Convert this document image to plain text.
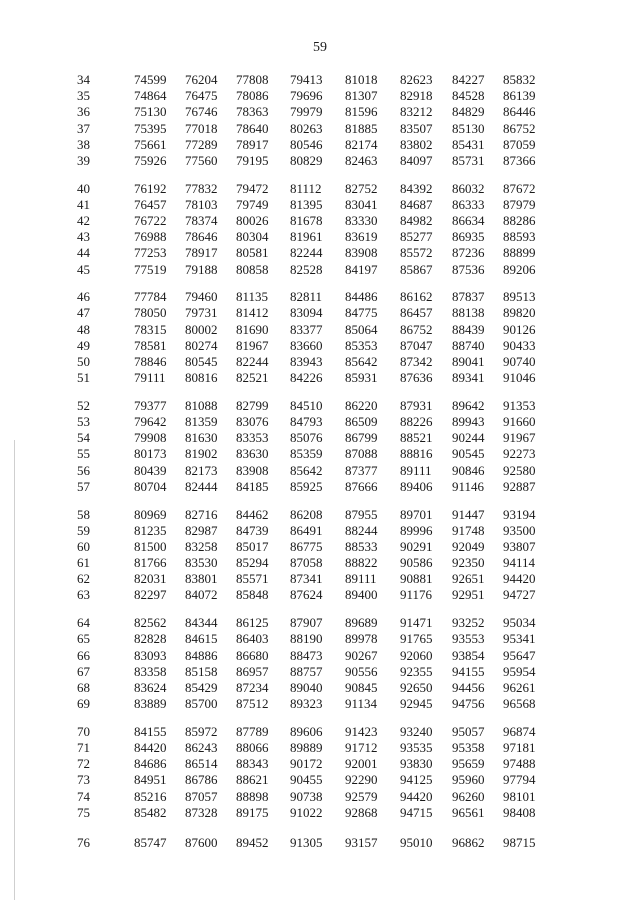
59
34	74599 76204 77808 79413 81018 82623 84227 85832
35	74864 76475 78086 79696 81307 82918 84528 86139
36	75130 76746 78363 79979 81596 83212 84829 86446
37	75395 77018 78640 80263 81885 83507 85130 86752
38	75661 77289 78917 80546 82174 83802 85431 87059
39	75926 77560 79195 80829 82463 84097 85731 87366
40	76192 77832 79472 81112 82752 84392 86032 87672
41	76457 78103 79749 81395 83041 84687 86333 87979
42	76722 78374 80026 81678 83330 84982 86634 88286
43	76988 78646 80304 81961 83619 85277 86935 88593
44	77253 78917 80581 82244 83908 85572 87236 88899
45	77519 79188 80858 82528 84197 85867 87536 89206
46	77784 79460 81135 82811 84486 86162 87837 89513
47	78050 79731 81412 83094 84775 86457 88138 89820
48	78315 80002 81690 83377 85064 86752 88439 90126
49	78581 80274 81967 83660 85353 87047 88740 90433
50	78846 80545 82244 83943 85642 87342 89041 90740
51	79111 80816 82521 84226 85931 87636 89341 91046
52	79377 81088 82799 84510 86220 87931 89642 91353
53	79642 81359 83076 84793 86509 88226 89943 91660
54	79908 81630 83353 85076 86799 88521 90244 91967
55	80173 81902 83630 85359 87088 88816 90545 92273
56	80439 82173 83908 85642 87377 89111 90846 92580
57	80704 82444 84185 85925 87666 89406 91146 92887
58	80969 82716 84462 86208 87955 89701 91447 93194
59	81235 82987 84739 86491 88244 89996 91748 93500
60	81500 83258 85017 86775 88533 90291 92049 93807
61	81766 83530 85294 87058 88822 90586 92350 94114
62	82031 83801 85571 87341 89111 90881 92651 94420
63	82297 84072 85848 87624 89400 91176 92951 94727
64	82562 84344 86125 87907 89689 91471 93252 95034
65	82828 84615 86403 88190 89978 91765 93553 95341
66	83093 84886 86680 88473 90267 92060 93854 95647
67	83358 85158 86957 88757 90556 92355 94155 95954
68	83624 85429 87234 89040 90845 92650 94456 96261
69	83889 85700 87512 89323 91134 92945 94756 96568
70	84155 85972 87789 89606 91423 93240 95057 96874
71	84420 86243 88066 89889 91712 93535 95358 97181
72	84686 86514 88343 90172 92001 93830 95659 97488
73	84951 86786 88621 90455 92290 94125 95960 97794
74	85216 87057 88898 90738 92579 94420 96260 98101
75	85482 87328 89175 91022 92868 94715 96561 98408
76	85747 87600 89452 91305 93157 95010 96862 98715
